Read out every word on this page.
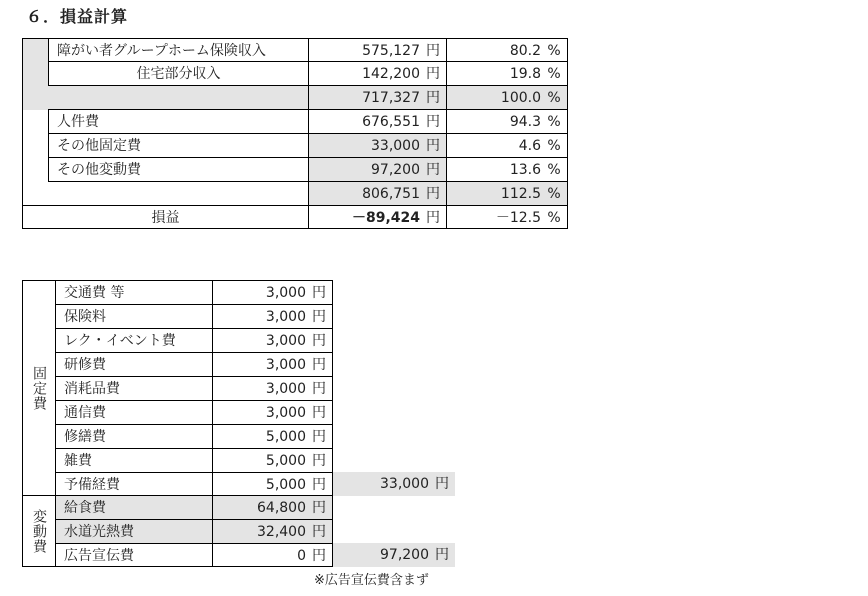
６．損益計算
障がい者グループホーム保険収入	575,127 円	80.2 %
住宅部分収入	142,200 円	19.8 %
717,327 円	100.0 %
人件費	676,551 円	94.3 %
その他固定費	33,000 円	4.6 %
その他変動費	97,200 円	13.6 %
806,751 円	112.5 %
損益	－89,424 円	－12.5 %
固定費
変動費
交通費 等	3,000 円
保険料	3,000 円
レク・イベント費	3,000 円
研修費	3,000 円
消耗品費	3,000 円
通信費	3,000 円
修繕費	5,000 円
雑費	5,000 円
予備経費	5,000 円	33,000 円
給食費	64,800 円
水道光熱費	32,400 円
広告宣伝費	0 円	97,200 円
※広告宣伝費含まず
